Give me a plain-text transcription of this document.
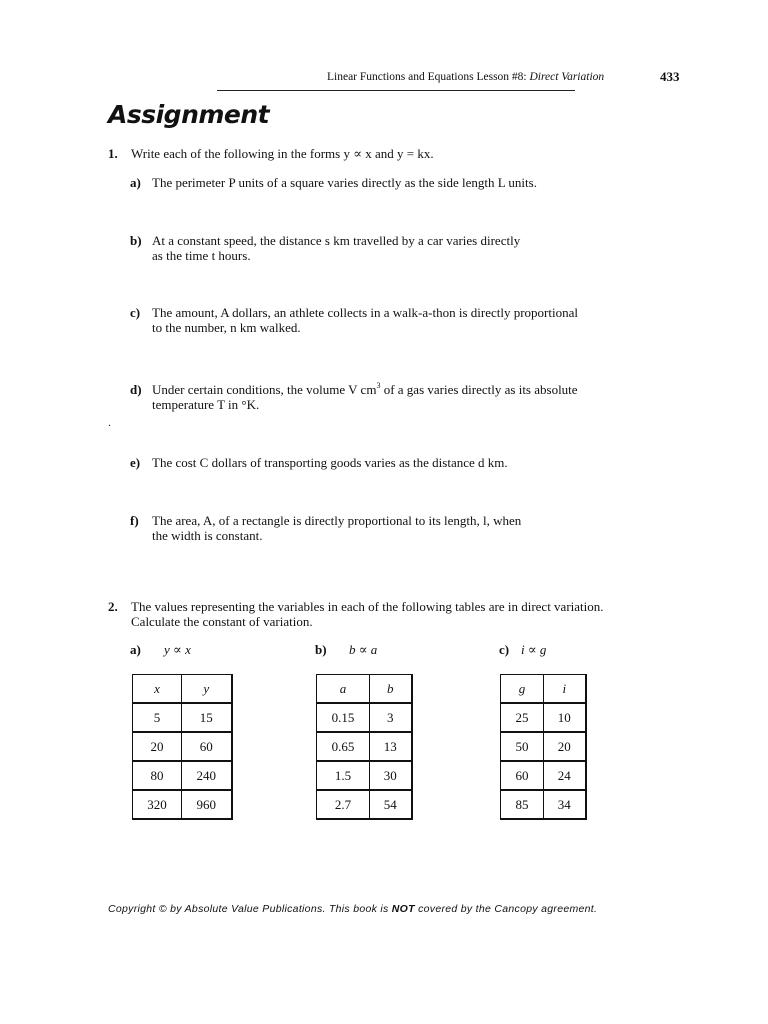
Linear Functions and Equations Lesson #8: Direct Variation	433
Assignment
1. Write each of the following in the forms y ∝ x and y = kx.
a) The perimeter P units of a square varies directly as the side length L units.
b) At a constant speed, the distance s km travelled by a car varies directly
as the time t hours.
c) The amount, A dollars, an athlete collects in a walk-a-thon is directly proportional
to the number, n km walked.
d) Under certain conditions, the volume V $cm^3$ of a gas varies directly as its absolute
temperature T in °K.
.
e) The cost C dollars of transporting goods varies as the distance d km.
f) The area, A, of a rectangle is directly proportional to its length, l, when
the width is constant.
2. The values representing the variables in each of the following tables are in direct variation.
Calculate the constant of variation.
a) y ∝ x	b) b ∝ a	c) i ∝ g
x	y
5	15
20	60
80	240
320	960
a	b
0.15	3
0.65	13
1.5	30
2.7	54
g	i
25	10
50	20
60	24
85	34
Copyright © by Absolute Value Publications. This book is NOT covered by the Cancopy agreement.
